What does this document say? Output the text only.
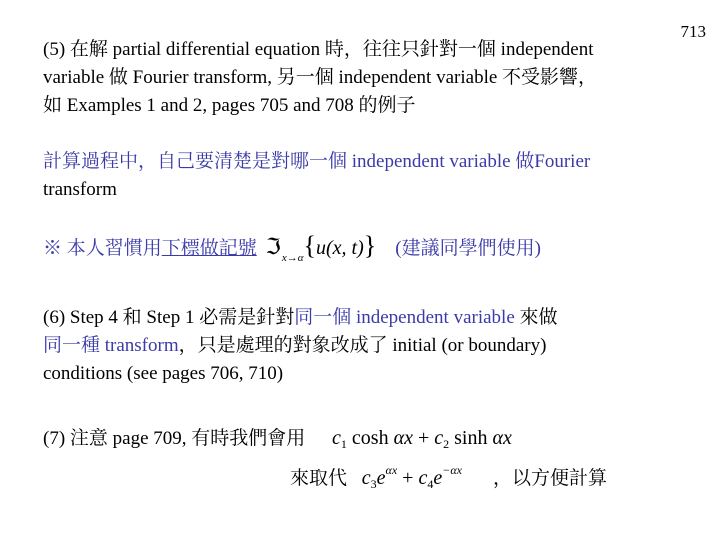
713
(5) 在解 partial differential equation 時，往往只針對一個 independent
variable 做 Fourier transform, 另一個 independent variable 不受影響，
如 Examples 1 and 2, pages 705 and 708 的例子
計算過程中，自己要清楚是對哪一個 independent variable 做Fourier
transform
※ 本人習慣用下標做記號 ℑ$_{x\to\alpha}${u(x, t)} (建議同學們使用)
(6) Step 4 和 Step 1 必需是針對同一個 independent variable 來做
同一種 transform，只是處理的對象改成了 initial (or boundary)
conditions (see pages 706, 710)
(7) 注意 page 709, 有時我們會用 $c_1$ $\cosh \alpha x + c_2$ sinh αx
來取代 $c_3e^{\alpha x} + c_4e^{-\alpha x}$ ，以方便計算
